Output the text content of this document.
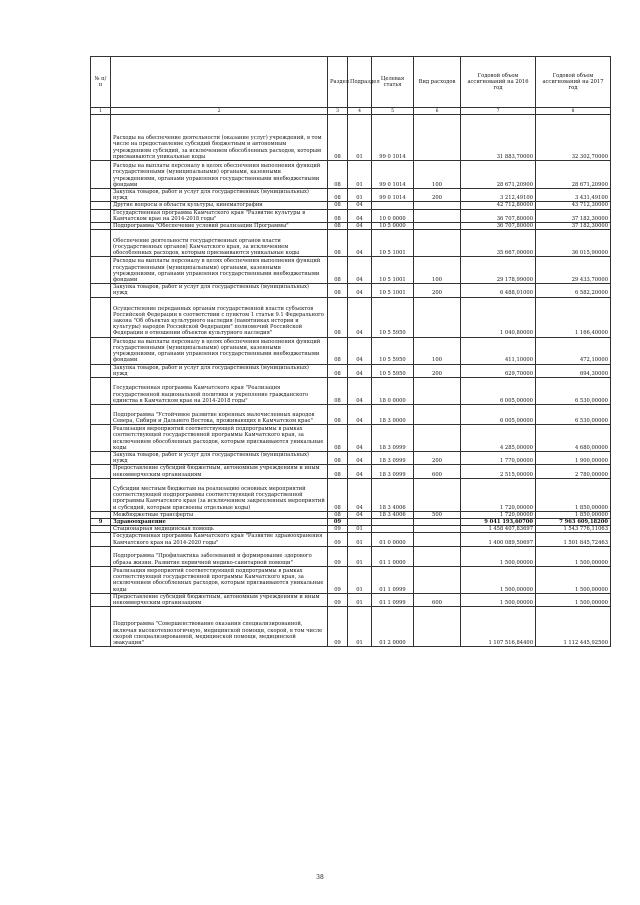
№ п/п		Раздел	Подраздел	Целевая статья	Вид расходов	Годовой объем ассигнований на 2016 год	Годовой объем ассигнований на 2017 год
1	2	3	4	5	6	7	8
	Расходы на обеспечение деятельности (оказание услуг) учреждений, в том числе на предоставление субсидий бюджетным и автономным учреждениям субсидий, за исключением обособленных расходов, которым присваиваются уникальные коды	08	01	99 0 1014		31 883,70000	32 302,70000
	Расходы на выплаты персоналу в целях обеспечения выполнения функций государственными (муниципальными) органами, казенными учреждениями, органами управления государственными внебюджетными фондами	08	01	99 0 1014	100	28 671,20900	28 671,20900
	Закупка товаров, работ и услуг для государственных (муниципальных) нужд	08	01	99 0 1014	200	3 212,49100	3 431,49100
	Другие вопросы в области культуры, кинематографии	08	04			42 712,80000	43 712,30000
	Государственная программа Камчатского края "Развитие культуры в Камчатском крае на 2014-2018 годы"	08	04	10 0 0000		36 707,80000	37 182,30000
	Подпрограмма "Обеспечение условий реализации Программы"	08	04	10 5 0000		36 707,80000	37 182,30000
	Обеспечение деятельности государственных органов власти (государственных органов) Камчатского края, за исключением обособленных расходов, которым присваиваются уникальные коды	08	04	10 5 1001		35 667,00000	36 015,90000
	Расходы на выплаты персоналу в целях обеспечения выполнения функций государственными (муниципальными) органами, казенными учреждениями, органами управления государственными внебюджетными фондами	08	04	10 5 1001	100	29 178,99000	29 433,70000
	Закупка товаров, работ и услуг для государственных (муниципальных) нужд	08	04	10 5 1001	200	6 488,01000	6 582,20000
	Осуществление переданных органам государственной власти субъектов Российской Федерации в соответствии с пунктом 1 статьи 9.1 Федерального закона "Об объектах культурного наследия (памятниках истории и культуры) народов Российской Федерации" полномочий Российской Федерации в отношении объектов культурного наследия"	08	04	10 5 5950		1 040,80000	1 166,40000
	Расходы на выплаты персоналу в целях обеспечения выполнения функций государственными (муниципальными) органами, казенными учреждениями, органами управления государственными внебюджетными фондами	08	04	10 5 5950	100	411,10000	472,10000
	Закупка товаров, работ и услуг для государственных (муниципальных) нужд	08	04	10 5 5950	200	629,70000	694,30000
	Государственная программа Камчатского края "Реализация государственной национальной политики и укрепление гражданского единства в Камчатском крае на 2014-2018 годы"	08	04	18 0 0000		6 005,00000	6 530,00000
	Подпрограмма "Устойчивое развитие коренных малочисленных народов Севера, Сибири и Дальнего Востока, проживающих в Камчатском крае"	08	04	18 3 0000		6 005,00000	6 530,00000
	Реализация мероприятий соответствующей подпрограммы в рамках соответствующей государственной программы Камчатского края, за исключением обособленных расходов, которым присваиваются уникальные коды	08	04	18 3 0999		4 285,00000	4 680,00000
	Закупка товаров, работ и услуг для государственных (муниципальных) нужд	08	04	18 3 0999	200	1 770,00000	1 900,00000
	Предоставление субсидий бюджетным, автономным учреждениям и иным некоммерческим организациям	08	04	18 3 0999	600	2 515,00000	2 780,00000
	Субсидии местным бюджетам на реализацию основных мероприятий соответствующей подпрограммы соответствующей государственной программы Камчатского края (за исключением закрепленных мероприятий и субсидий, которым присвоены отдельные коды)	08	04	18 3 4006		1 720,00000	1 850,00000
	Межбюджетные трансферты	08	04	18 3 4006	500	1 720,00000	1 850,00000
9	Здравоохранение	09				9 041 193,60700	7 963 609,18200
	Стационарная медицинская помощь	09	01			1 458 407,83697	1 543 776,11063
	Государственная программа Камчатского края "Развитие здравоохранения Камчатского края на 2014-2020 годы"	09	01	01 0 0000		1 400 089,50697	1 501 845,72463
	Подпрограмма "Профилактика заболеваний и формирование здорового образа жизни. Развитие первичной медико-санитарной помощи"	09	01	01 1 0000		1 500,00000	1 500,00000
	Реализация мероприятий соответствующей подпрограммы в рамках соответствующей государственной программы Камчатского края, за исключением обособленных расходов, которым присваиваются уникальные коды	09	01	01 1 0999		1 500,00000	1 500,00000
	Предоставление субсидий бюджетным, автономным учреждениям и иным некоммерческим организациям	09	01	01 1 0999	600	1 500,00000	1 500,00000
	Подпрограмма "Совершенствование оказания специализированной, включая высокотехнологичную, медицинской помощи, скорой, в том числе скорой специализированной, медицинской помощи, медицинской эвакуации"	09	01	01 2 0000		1 107 516,84400	1 112 445,92500
38
